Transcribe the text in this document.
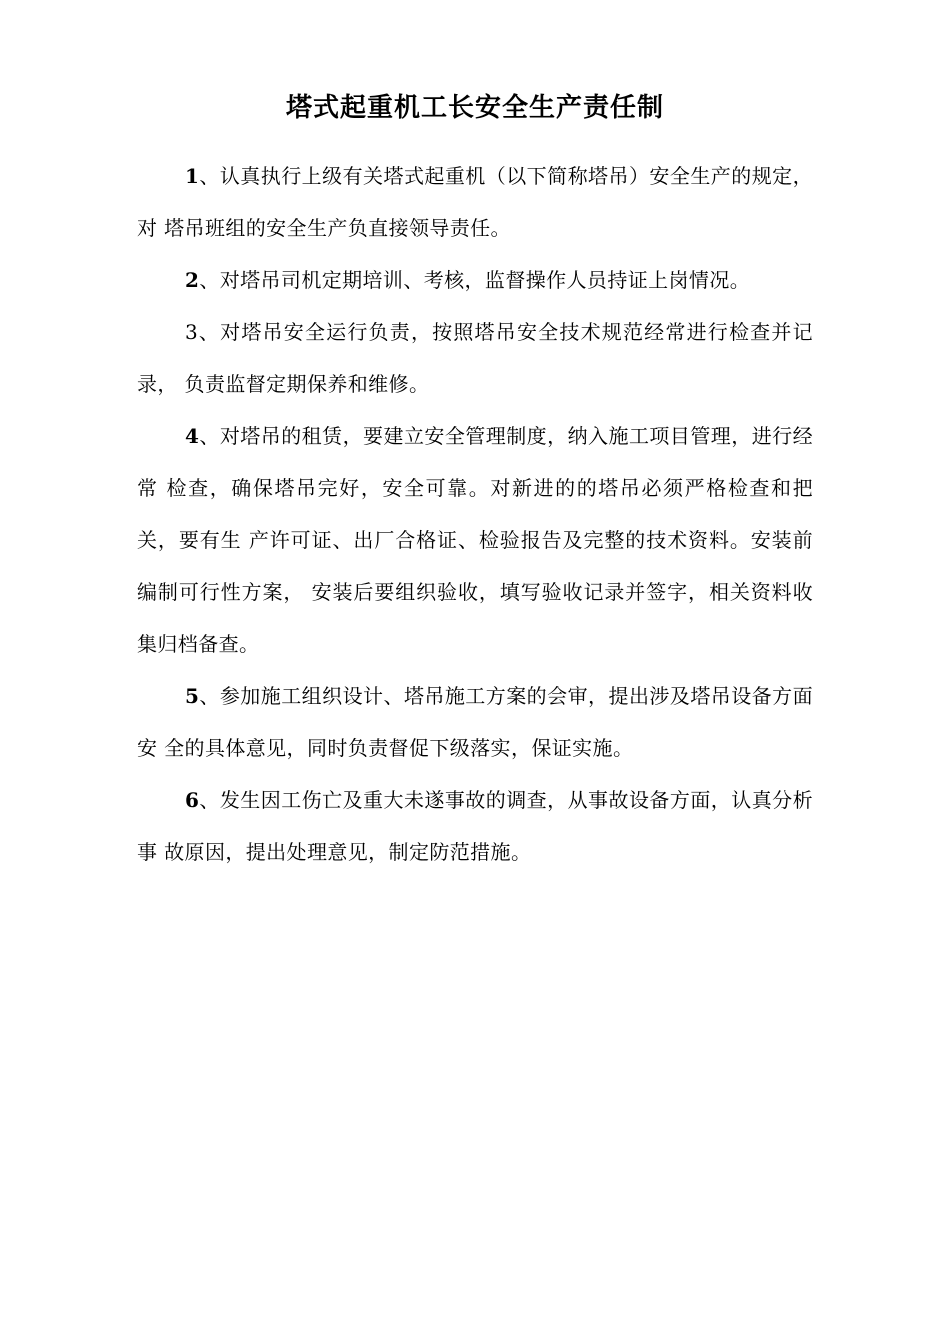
塔式起重机工长安全生产责任制

1、认真执行上级有关塔式起重机（以下简称塔吊）安全生产的规定，对 塔吊班组的安全生产负直接领导责任。

2、对塔吊司机定期培训、考核，监督操作人员持证上岗情况。

3、对塔吊安全运行负责，按照塔吊安全技术规范经常进行检查并记录， 负责监督定期保养和维修。

4、对塔吊的租赁，要建立安全管理制度，纳入施工项目管理，进行经常 检查，确保塔吊完好，安全可靠。对新进的的塔吊必须严格检查和把关，要有生 产许可证、出厂合格证、检验报告及完整的技术资料。安装前编制可行性方案， 安装后要组织验收，填写验收记录并签字，相关资料收集归档备查。

5、参加施工组织设计、塔吊施工方案的会审，提出涉及塔吊设备方面安 全的具体意见，同时负责督促下级落实，保证实施。

6、发生因工伤亡及重大未遂事故的调查，从事故设备方面，认真分析事 故原因，提出处理意见，制定防范措施。
